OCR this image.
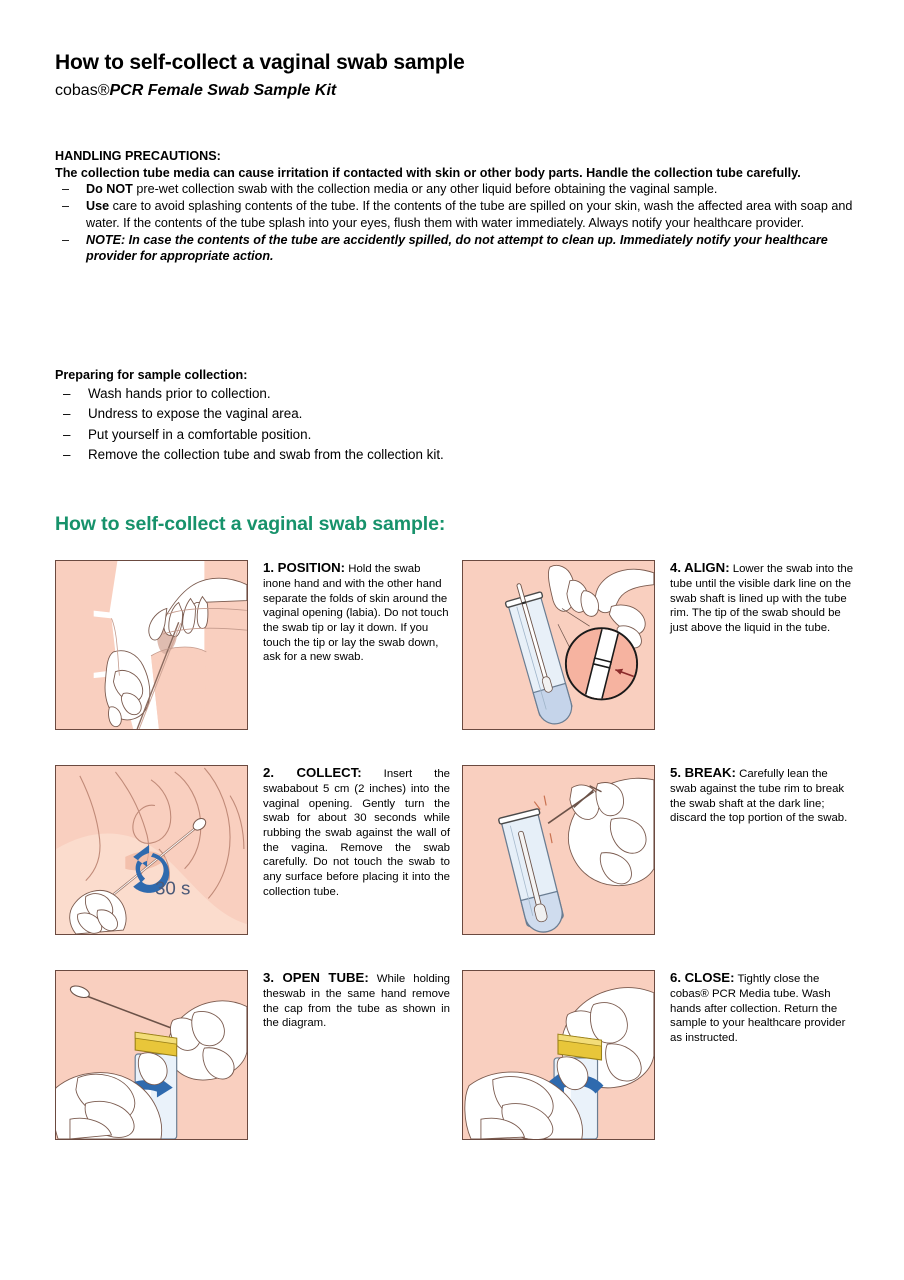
How to self-collect a vaginal swab sample
cobas®PCR Female Swab Sample Kit
HANDLING PRECAUTIONS:
The collection tube media can cause irritation if contacted with skin or other body parts. Handle the collection tube carefully.
– Do NOT pre-wet collection swab with the collection media or any other liquid before obtaining the vaginal sample.
– Use care to avoid splashing contents of the tube. If the contents of the tube are spilled on your skin, wash the affected area with soap and water. If the contents of the tube splash into your eyes, flush them with water immediately. Always notify your healthcare provider.
– NOTE: In case the contents of the tube are accidently spilled, do not attempt to clean up. Immediately notify your healthcare provider for appropriate action.
Preparing for sample collection:
– Wash hands prior to collection.
– Undress to expose the vaginal area.
– Put yourself in a comfortable position.
– Remove the collection tube and swab from the collection kit.
How to self-collect a vaginal swab sample:
1. POSITION: Hold the swab inone hand and with the other hand separate the folds of skin around the vaginal opening (labia). Do not touch the swab tip or lay it down. If you touch the tip or lay the swab down, ask for a new swab.
4. ALIGN: Lower the swab into the tube until the visible dark line on the swab shaft is lined up with the tube rim. The tip of the swab should be just above the liquid in the tube.
30 s
2. COLLECT: Insert the swababout 5 cm (2 inches) into the vaginal opening. Gently turn the swab for about 30 seconds while rubbing the swab against the wall of the vagina. Remove the swab carefully. Do not touch the swab to any surface before placing it into the collection tube.
5. BREAK: Carefully lean the swab against the tube rim to break the swab shaft at the dark line; discard the top portion of the swab.
3. OPEN TUBE: While holding theswab in the same hand remove the cap from the tube as shown in the diagram.
6. CLOSE: Tightly close the cobas® PCR Media tube. Wash hands after collection. Return the sample to your healthcare provider as instructed.
